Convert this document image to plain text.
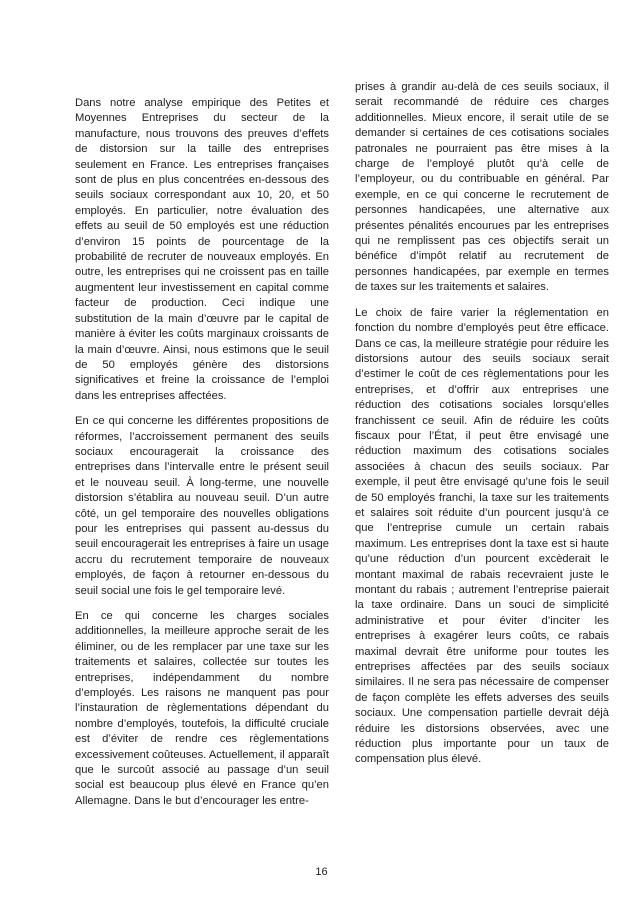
Dans notre analyse empirique des Petites et Moyennes Entreprises du secteur de la manufacture, nous trouvons des preuves d’effets de distorsion sur la taille des entreprises seulement en France. Les entreprises françaises sont de plus en plus concentrées en-dessous des seuils sociaux correspondant aux 10, 20, et 50 employés. En particulier, notre évaluation des effets au seuil de 50 employés est une réduction d’environ 15 points de pourcentage de la probabilité de recruter de nouveaux employés. En outre, les entreprises qui ne croissent pas en taille augmentent leur investissement en capital comme facteur de production. Ceci indique une substitution de la main d’œuvre par le capital de manière à éviter les coûts marginaux croissants de la main d’œuvre. Ainsi, nous estimons que le seuil de 50 employés génère des distorsions significatives et freine la croissance de l’emploi dans les entreprises affectées.

En ce qui concerne les différentes propositions de réformes, l’accroissement permanent des seuils sociaux encouragerait la croissance des entreprises dans l’intervalle entre le présent seuil et le nouveau seuil. À long-terme, une nouvelle distorsion s’établira au nouveau seuil. D’un autre côté, un gel temporaire des nouvelles obligations pour les entreprises qui passent au-dessus du seuil encouragerait les entreprises à faire un usage accru du recrutement temporaire de nouveaux employés, de façon à retourner en-dessous du seuil social une fois le gel temporaire levé.

En ce qui concerne les charges sociales additionnelles, la meilleure approche serait de les éliminer, ou de les remplacer par une taxe sur les traitements et salaires, collectée sur toutes les entreprises, indépendamment du nombre d’employés. Les raisons ne manquent pas pour l’instauration de règlementations dépendant du nombre d’employés, toutefois, la difficulté cruciale est d’éviter de rendre ces règlementations excessivement coûteuses. Actuellement, il apparaît que le surcoût associé au passage d’un seuil social est beaucoup plus élevé en France qu’en Allemagne. Dans le but d’encourager les entre-

prises à grandir au-delà de ces seuils sociaux, il serait recommandé de réduire ces charges additionnelles. Mieux encore, il serait utile de se demander si certaines de ces cotisations sociales patronales ne pourraient pas être mises à la charge de l’employé plutôt qu’à celle de l’employeur, ou du contribuable en général. Par exemple, en ce qui concerne le recrutement de personnes handicapées, une alternative aux présentes pénalités encourues par les entreprises qui ne remplissent pas ces objectifs serait un bénéfice d’impôt relatif au recrutement de personnes handicapées, par exemple en termes de taxes sur les traitements et salaires.

Le choix de faire varier la réglementation en fonction du nombre d’employés peut être efficace. Dans ce cas, la meilleure stratégie pour réduire les distorsions autour des seuils sociaux serait d’estimer le coût de ces règlementations pour les entreprises, et d’offrir aux entreprises une réduction des cotisations sociales lorsqu’elles franchissent ce seuil. Afin de réduire les coûts fiscaux pour l’État, il peut être envisagé une réduction maximum des cotisations sociales associées à chacun des seuils sociaux. Par exemple, il peut être envisagé qu’une fois le seuil de 50 employés franchi, la taxe sur les traitements et salaires soit réduite d’un pourcent jusqu’à ce que l’entreprise cumule un certain rabais maximum. Les entreprises dont la taxe est si haute qu’une réduction d’un pourcent excèderait le montant maximal de rabais recevraient juste le montant du rabais ; autrement l’entreprise paierait la taxe ordinaire. Dans un souci de simplicité administrative et pour éviter d’inciter les entreprises à exagérer leurs coûts, ce rabais maximal devrait être uniforme pour toutes les entreprises affectées par des seuils sociaux similaires. Il ne sera pas nécessaire de compenser de façon complète les effets adverses des seuils sociaux. Une compensation partielle devrait déjà réduire les distorsions observées, avec une réduction plus importante pour un taux de compensation plus élevé.

16
